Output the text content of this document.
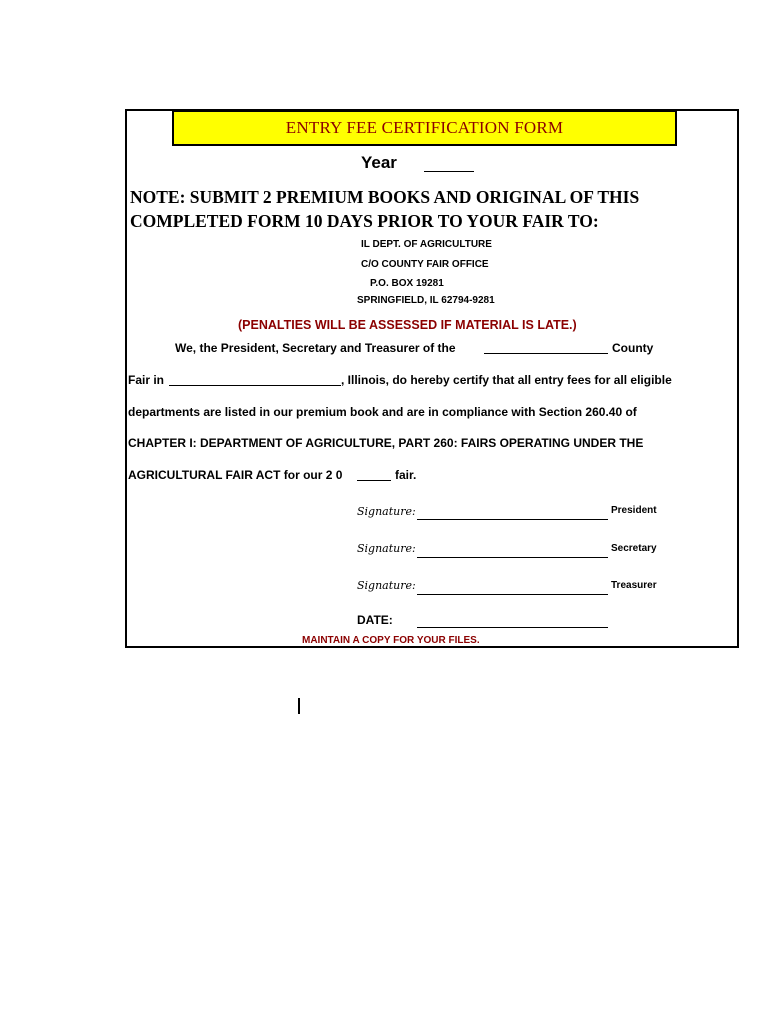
ENTRY FEE CERTIFICATION FORM
Year
NOTE: SUBMIT 2 PREMIUM BOOKS AND ORIGINAL OF THIS
COMPLETED FORM 10 DAYS PRIOR TO YOUR FAIR TO:
IL DEPT. OF AGRICULTURE
C/O COUNTY FAIR OFFICE
P.O. BOX 19281
SPRINGFIELD, IL 62794-9281
(PENALTIES WILL BE ASSESSED IF MATERIAL IS LATE.)
We, the President, Secretary and Treasurer of the	County
Fair in	, Illinois, do hereby certify that all entry fees for all eligible
departments are listed in our premium book and are in compliance with Section 260.40 of
CHAPTER I: DEPARTMENT OF AGRICULTURE, PART 260: FAIRS OPERATING UNDER THE
AGRICULTURAL FAIR ACT for our 2 0	fair.
Signature:	President
Signature:	Secretary
Signature:	Treasurer
DATE:
MAINTAIN A COPY FOR YOUR FILES.
